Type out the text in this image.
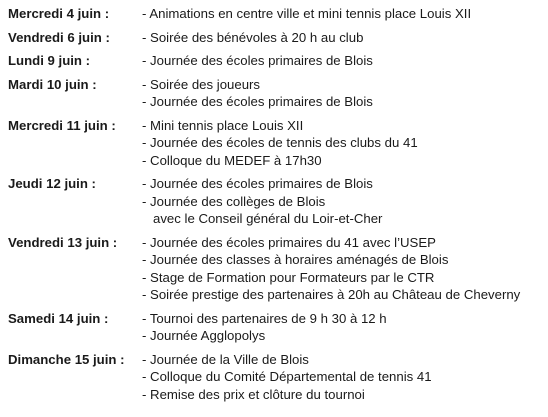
Mercredi 4 juin :	- Animations en centre ville et mini tennis place Louis XII
Vendredi 6 juin :	- Soirée des bénévoles à 20 h au club
Lundi 9 juin :	- Journée des écoles primaires de Blois
Mardi 10 juin :	- Soirée des joueurs
- Journée des écoles primaires de Blois
Mercredi 11 juin :	- Mini tennis place Louis XII
- Journée des écoles de tennis des clubs du 41
- Colloque du MEDEF à 17h30
Jeudi 12 juin :	- Journée des écoles primaires de Blois
- Journée des collèges de Blois
avec le Conseil général du Loir-et-Cher
Vendredi 13 juin :	- Journée des écoles primaires du 41 avec l’USEP
- Journée des classes à horaires aménagés de Blois
- Stage de Formation pour Formateurs par le CTR
- Soirée prestige des partenaires à 20h au Château de Cheverny
Samedi 14 juin :	- Tournoi des partenaires de 9 h 30 à 12 h
- Journée Agglopolys
Dimanche 15 juin :	- Journée de la Ville de Blois
- Colloque du Comité Départemental de tennis 41
- Remise des prix et clôture du tournoi
